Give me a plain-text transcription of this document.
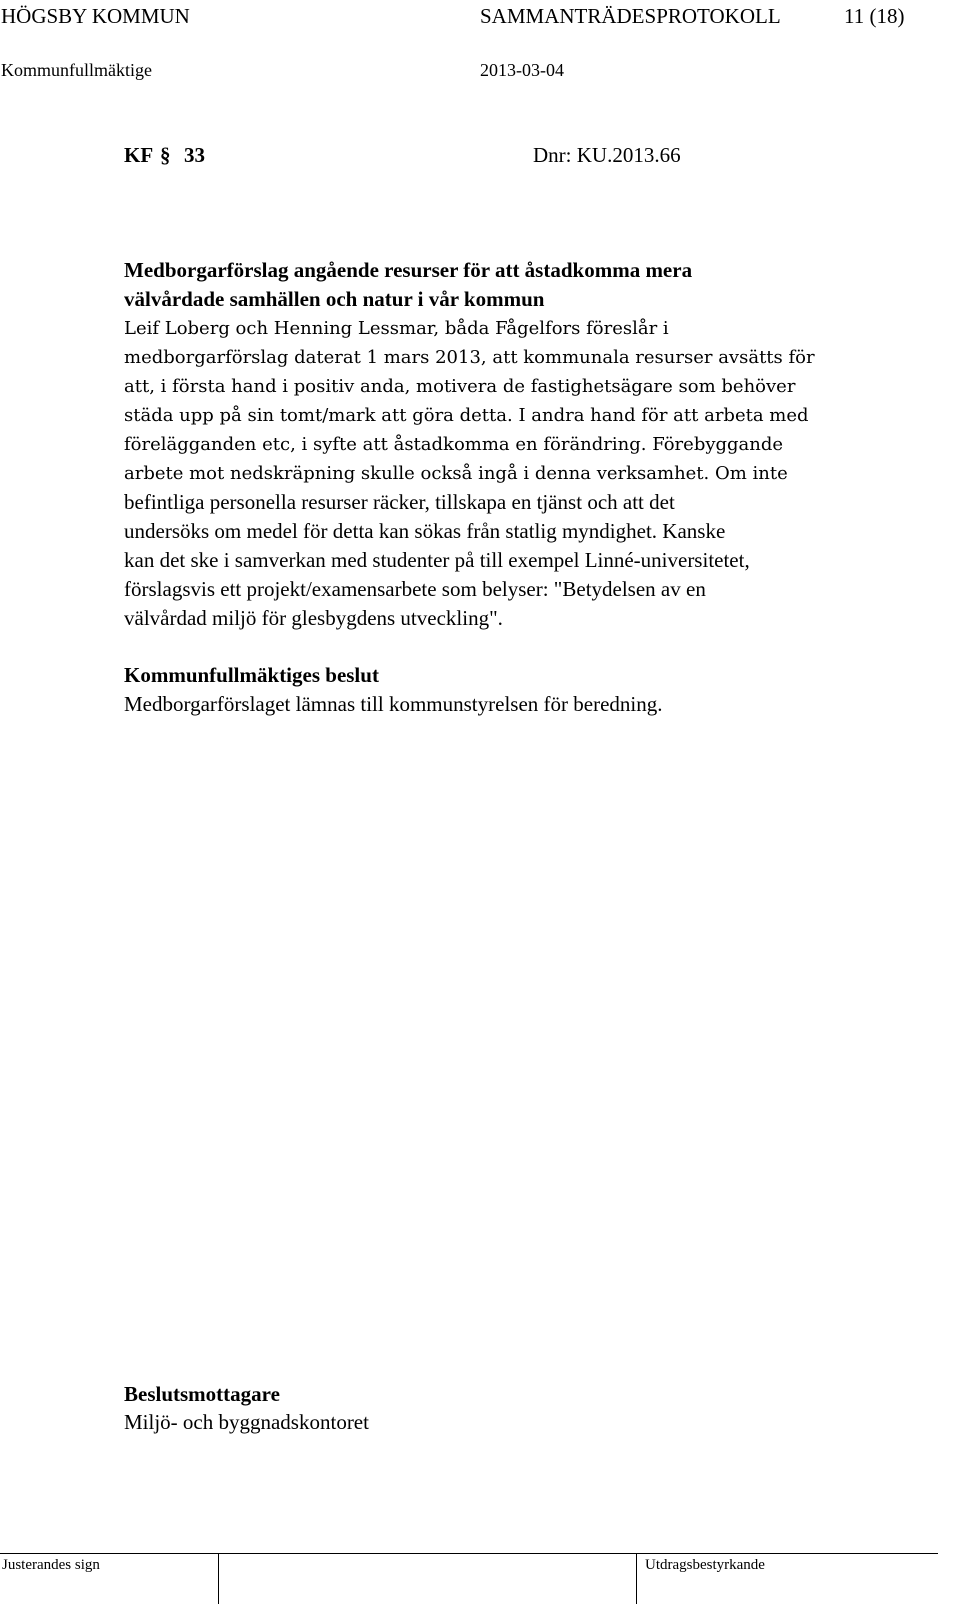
HÖGSBY KOMMUN	SAMMANTRÄDESPROTOKOLL	11 (18)
Kommunfullmäktige	2013-03-04
KF § 33	Dnr: KU.2013.66
Medborgarförslag angående resurser för att åstadkomma mera
välvårdade samhällen och natur i vår kommun
Leif Loberg och Henning Lessmar, båda Fågelfors föreslår i
medborgarförslag daterat 1 mars 2013, att kommunala resurser avsätts för
att, i första hand i positiv anda, motivera de fastighetsägare som behöver
städa upp på sin tomt/mark att göra detta. I andra hand för att arbeta med
förelägganden etc, i syfte att åstadkomma en förändring. Förebyggande
arbete mot nedskräpning skulle också ingå i denna verksamhet. Om inte
befintliga personella resurser räcker, tillskapa en tjänst och att det
undersöks om medel för detta kan sökas från statlig myndighet. Kanske
kan det ske i samverkan med studenter på till exempel Linné-universitetet,
förslagsvis ett projekt/examensarbete som belyser: "Betydelsen av en
välvårdad miljö för glesbygdens utveckling".
Kommunfullmäktiges beslut
Medborgarförslaget lämnas till kommunstyrelsen för beredning.
Beslutsmottagare
Miljö- och byggnadskontoret
Justerandes sign	Utdragsbestyrkande
